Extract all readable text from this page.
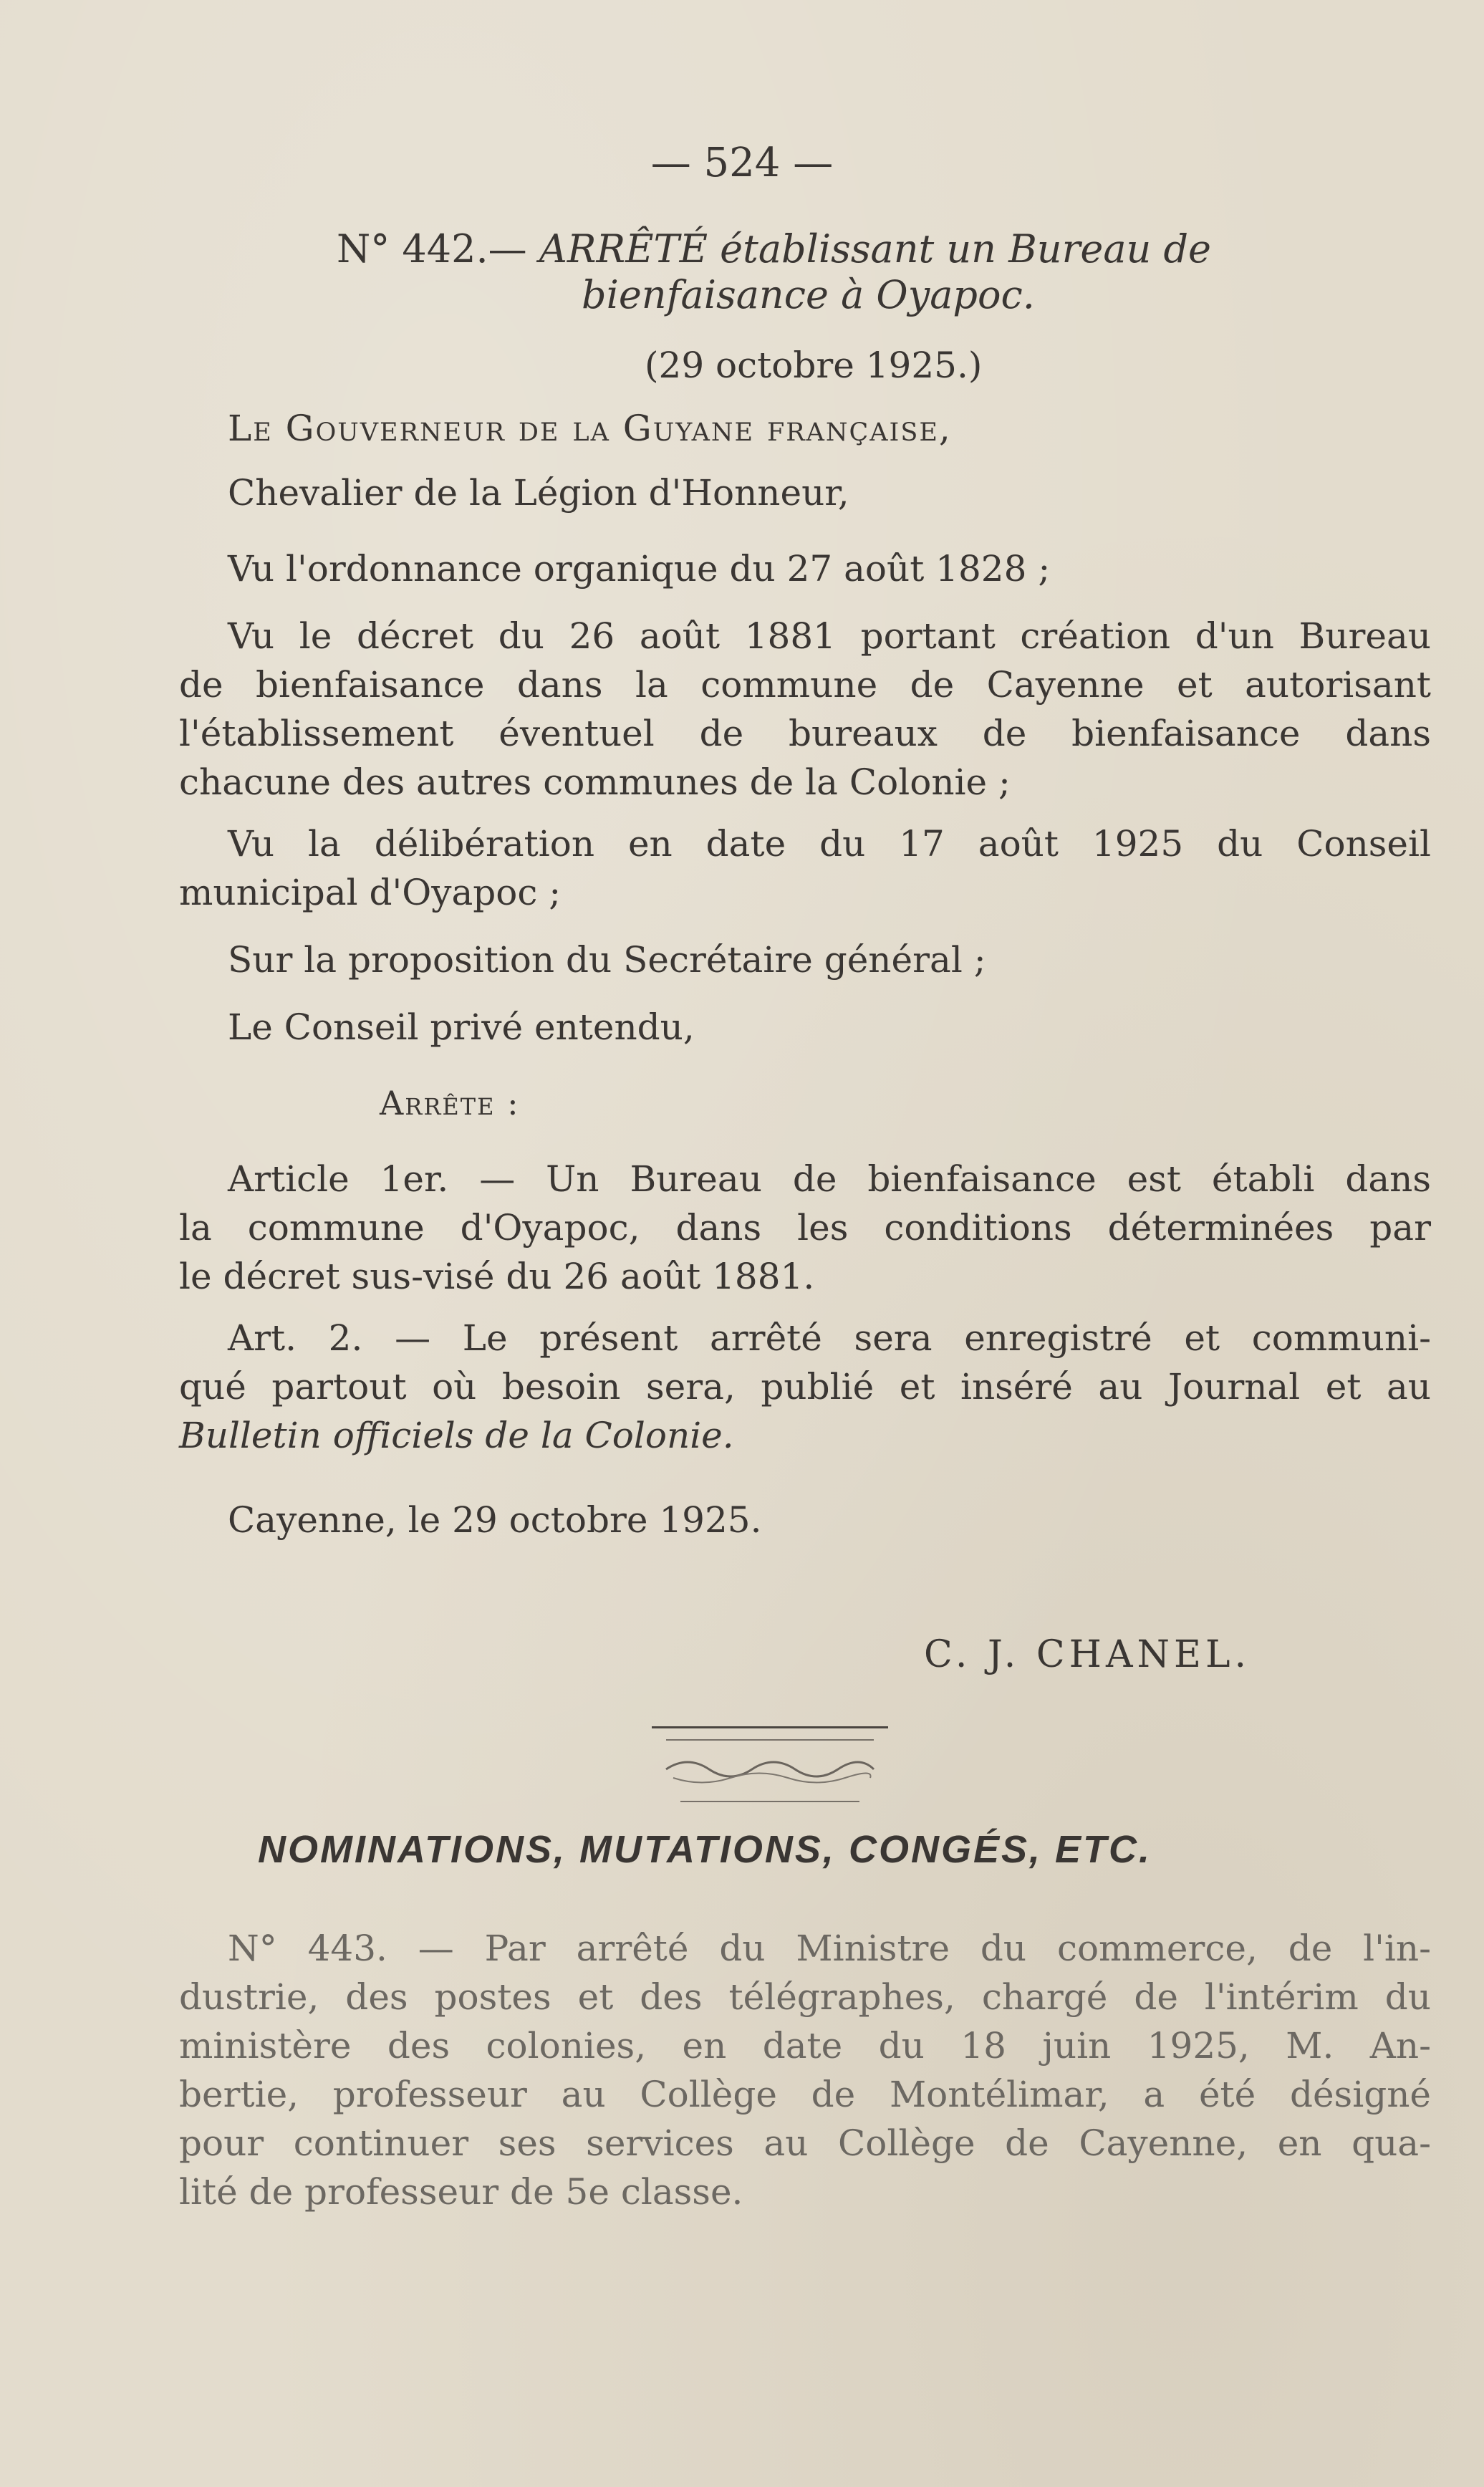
— 524 —
N° 442.— ARRÊTÉ établissant un Bureau de
bienfaisance à Oyapoc.
(29 octobre 1925.)
Le Gouverneur de la Guyane française,
Chevalier de la Légion d'Honneur,
Vu l'ordonnance organique du 27 août 1828 ;
Vu le décret du 26 août 1881 portant création d'un Bureau
de bienfaisance dans la commune de Cayenne et autorisant
l'établissement éventuel de bureaux de bienfaisance dans
chacune des autres communes de la Colonie ;
Vu la délibération en date du 17 août 1925 du Conseil
municipal d'Oyapoc ;
Sur la proposition du Secrétaire général ;
Le Conseil privé entendu,
Arrête :
Article 1er. — Un Bureau de bienfaisance est établi dans
la commune d'Oyapoc, dans les conditions déterminées par
le décret sus-visé du 26 août 1881.
Art. 2. — Le présent arrêté sera enregistré et communi-
qué partout où besoin sera, publié et inséré au Journal et au
Bulletin officiels de la Colonie.
Cayenne, le 29 octobre 1925.
C. J. CHANEL.
NOMINATIONS, MUTATIONS, CONGÉS, ETC.
N° 443. — Par arrêté du Ministre du commerce, de l'in-
dustrie, des postes et des télégraphes, chargé de l'intérim du
ministère des colonies, en date du 18 juin 1925, M. An-
bertie, professeur au Collège de Montélimar, a été désigné
pour continuer ses services au Collège de Cayenne, en qua-
lité de professeur de 5e classe.
